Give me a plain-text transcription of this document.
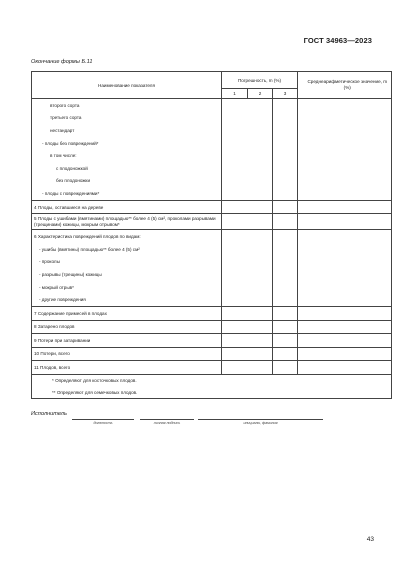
ГОСТ 34963—2023
Окончание формы Б.11
Наименование показателя	Погрешность, m (%)				Среднеарифметическое значение, m (%)
	1	2	3		

второго сорта					

третьего сорта					

нестандарт					

- плоды без повреждений*					

в том числе:					

с плодоножкой					

без плодоножки					

- плоды с повреждениями*					

4 Плоды, оставшиеся на дереве					

5 Плоды с ушибами (вмятинами) площадью** более 4 (5) см², проколами разрывами (трещинами) кожицы, мокрым отрывом*					

6 Характеристика повреждений плодов по видам:					

- ушибы (вмятины) площадью** более 4 (5) см²					

- проколы					

- разрывы (трещины) кожицы					

- мокрый отрыв*					

- другие повреждения					

7 Содержание примесей в плодах					

8 Затарено плодов					

9 Потери при затаривании					

10 Потери, всего					

11 Плодов, всего					

* Определяют для косточковых плодов.					

** Определяют для семечковых плодов.					
Исполнитель
должность	личная подпись	инициалы, фамилия
43
